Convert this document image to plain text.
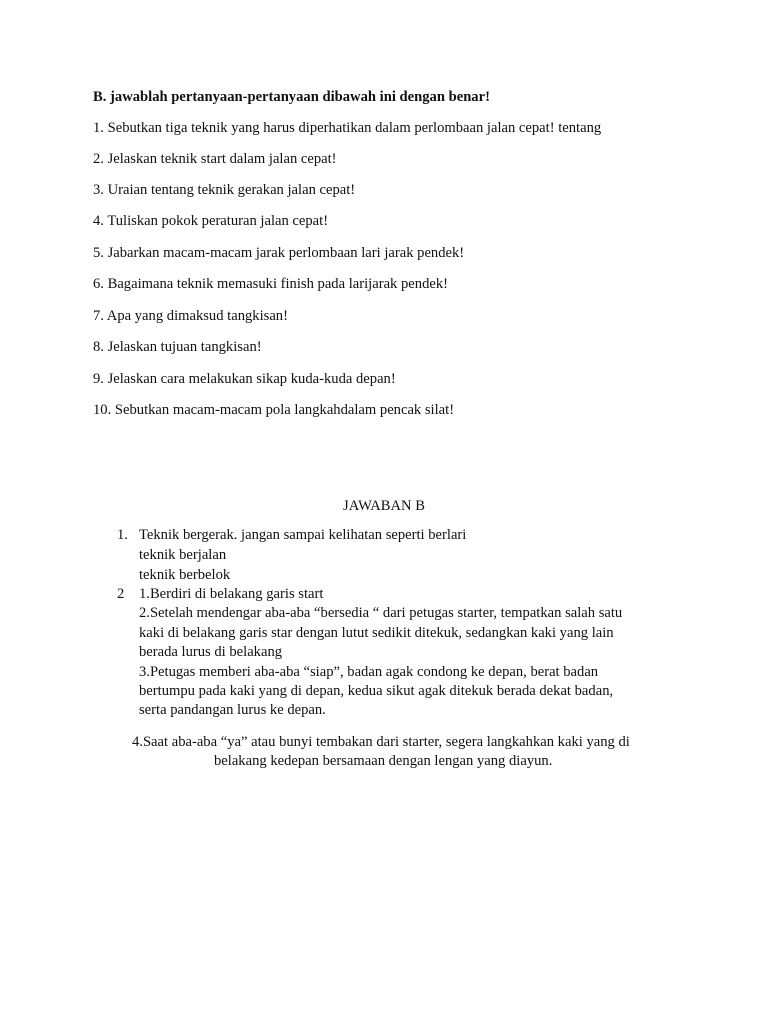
B. jawablah pertanyaan-pertanyaan dibawah ini dengan benar!
1. Sebutkan tiga teknik yang harus diperhatikan dalam perlombaan jalan cepat! tentang
2. Jelaskan teknik start dalam jalan cepat!
3. Uraian tentang teknik gerakan jalan cepat!
4. Tuliskan pokok peraturan jalan cepat!
5. Jabarkan macam-macam jarak perlombaan lari jarak pendek!
6. Bagaimana teknik memasuki finish pada larijarak pendek!
7. Apa yang dimaksud tangkisan!
8. Jelaskan tujuan tangkisan!
9. Jelaskan cara melakukan sikap kuda-kuda depan!
10. Sebutkan macam-macam pola langkahdalam pencak silat!
JAWABAN B
1. Teknik bergerak. jangan sampai kelihatan seperti berlari
teknik berjalan
teknik berbelok
2 1.Berdiri di belakang garis start
2.Setelah mendengar aba-aba “bersedia “ dari petugas starter, tempatkan salah satu
kaki di belakang garis star dengan lutut sedikit ditekuk, sedangkan kaki yang lain
berada lurus di belakang
3.Petugas memberi aba-aba “siap”, badan agak condong ke depan, berat badan
bertumpu pada kaki yang di depan, kedua sikut agak ditekuk berada dekat badan,
serta pandangan lurus ke depan.
4.Saat aba-aba “ya” atau bunyi tembakan dari starter, segera langkahkan kaki yang di
belakang kedepan bersamaan dengan lengan yang diayun.
